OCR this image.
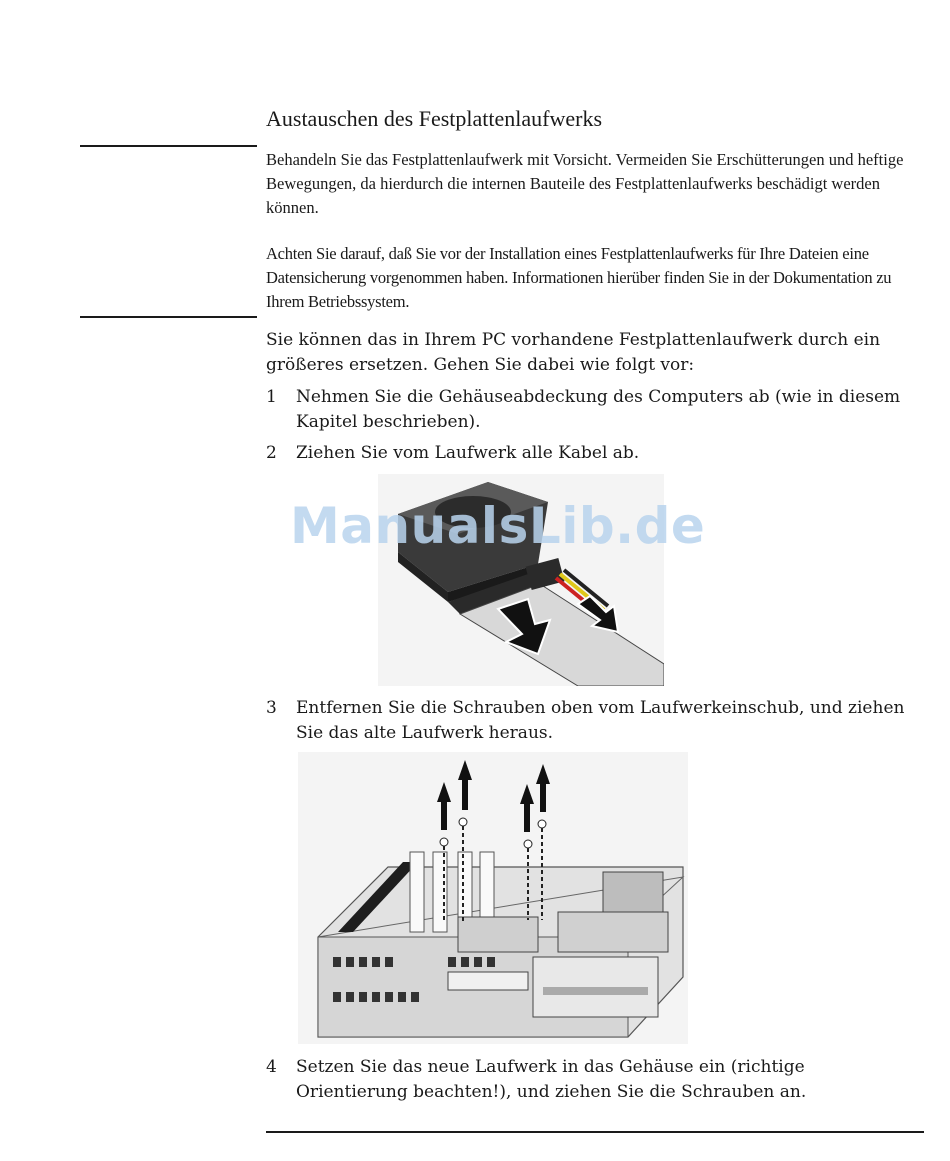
Austauschen des Festplattenlaufwerks

Behandeln Sie das Festplattenlaufwerk mit Vorsicht. Vermeiden Sie Erschütterungen und heftige Bewegungen, da hierdurch die internen Bauteile des Festplattenlaufwerks beschädigt werden können.

Achten Sie darauf, daß Sie vor der Installation eines Festplattenlaufwerks für Ihre Dateien eine Datensicherung vorgenommen haben. Informationen hierüber finden Sie in der Dokumentation zu Ihrem Betriebssystem.

Sie können das in Ihrem PC vorhandene Festplattenlaufwerk durch ein größeres ersetzen. Gehen Sie dabei wie folgt vor:

1	Nehmen Sie die Gehäuseabdeckung des Computers ab (wie in diesem Kapitel beschrieben).
2	Ziehen Sie vom Laufwerk alle Kabel ab.
ManualsLib.de
3	Entfernen Sie die Schrauben oben vom Laufwerkeinschub, und ziehen Sie das alte Laufwerk heraus.
4	Setzen Sie das neue Laufwerk in das Gehäuse ein (richtige Orientierung beachten!), und ziehen Sie die Schrauben an.
